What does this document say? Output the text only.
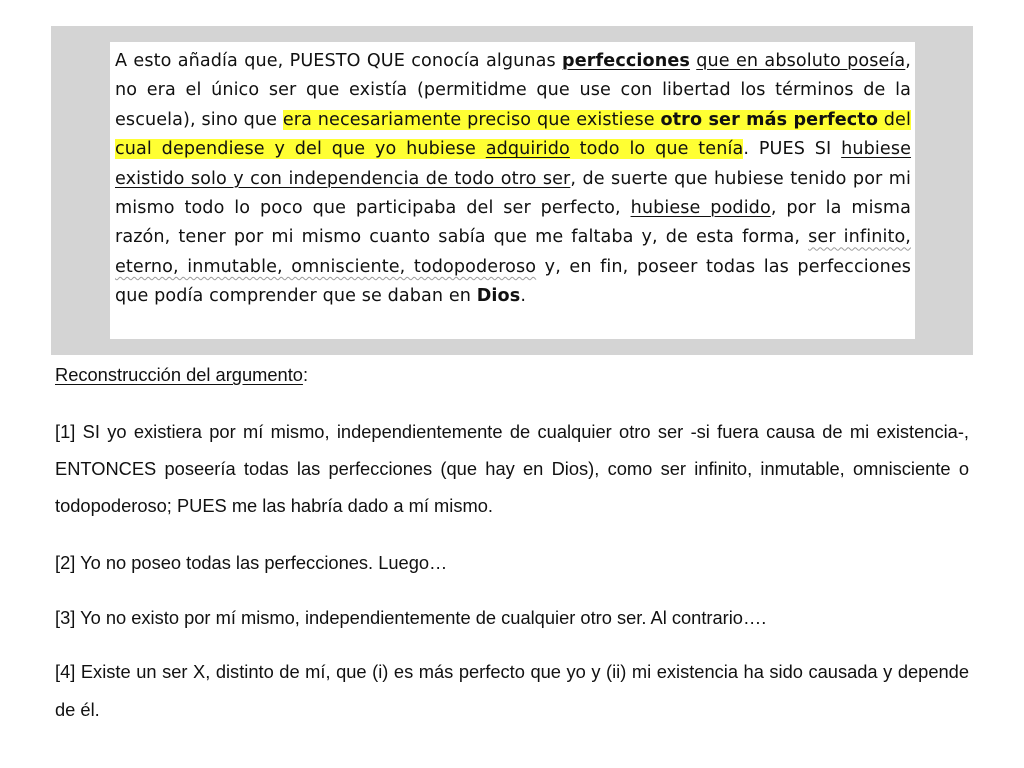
A esto añadía que, PUESTO QUE conocía algunas perfecciones que en absoluto poseía, no era el único ser que existía (permitidme que use con libertad los términos de la escuela), sino que era necesariamente preciso que existiese otro ser más perfecto del cual dependiese y del que yo hubiese adquirido todo lo que tenía. PUES SI hubiese existido solo y con independencia de todo otro ser, de suerte que hubiese tenido por mi mismo todo lo poco que participaba del ser perfecto, hubiese podido, por la misma razón, tener por mi mismo cuanto sabía que me faltaba y, de esta forma, ser infinito, eterno, inmutable, omnisciente, todopoderoso y, en fin, poseer todas las perfecciones que podía comprender que se daban en Dios.
Reconstrucción del argumento:

[1] SI yo existiera por mí mismo, independientemente de cualquier otro ser -si fuera causa de mi existencia-, ENTONCES poseería todas las perfecciones (que hay en Dios), como ser infinito, inmutable, omnisciente o todopoderoso; PUES me las habría dado a mí mismo.

[2] Yo no poseo todas las perfecciones. Luego…

[3] Yo no existo por mí mismo, independientemente de cualquier otro ser. Al contrario….

[4] Existe un ser X, distinto de mí, que (i) es más perfecto que yo y (ii) mi existencia ha sido causada y depende de él.
